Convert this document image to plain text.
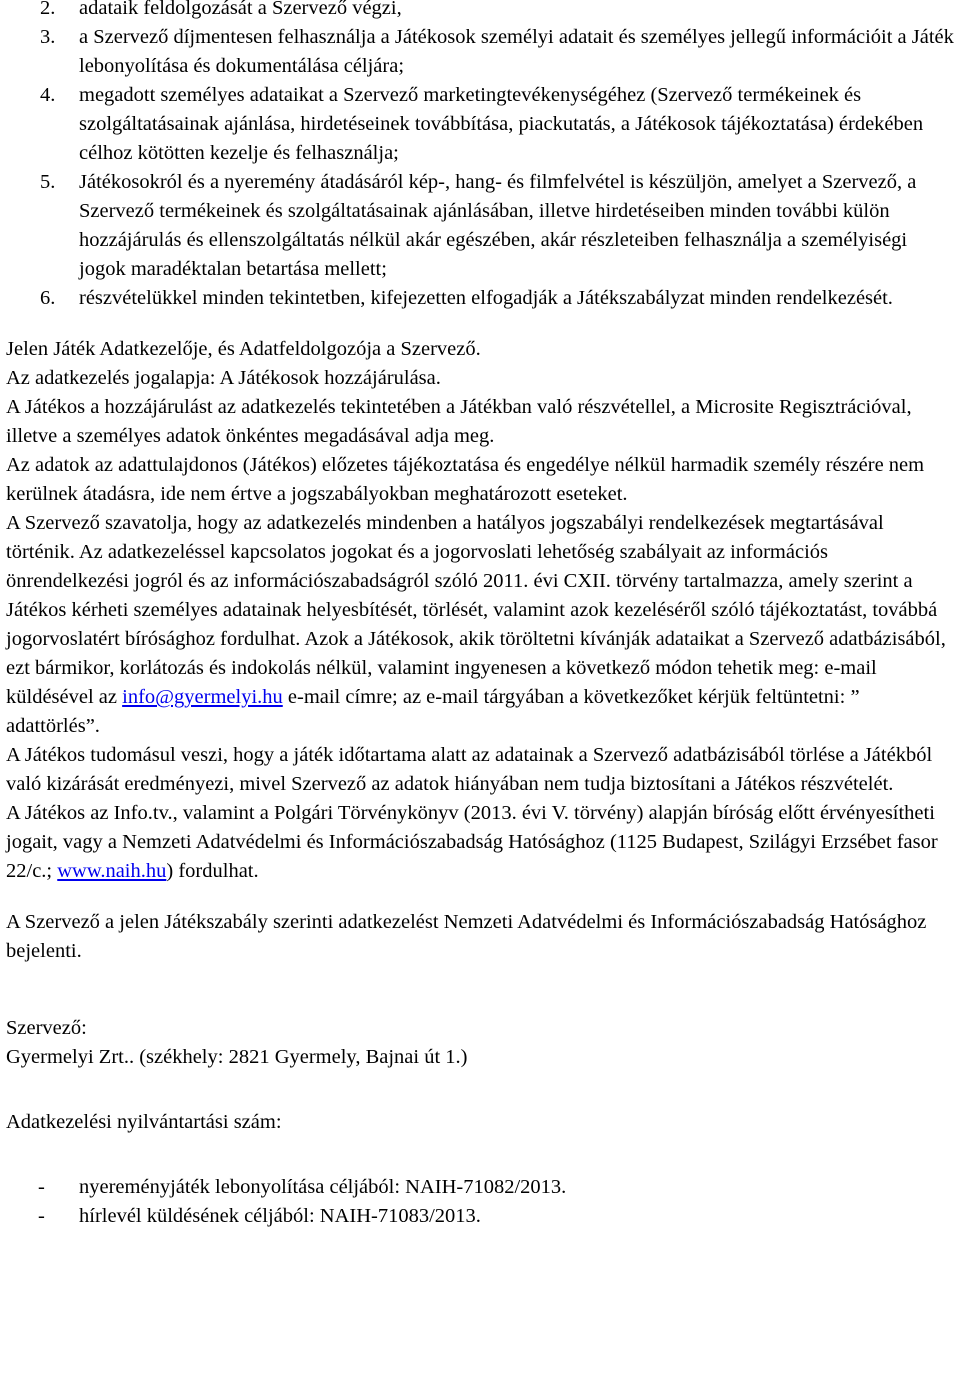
2. adataik feldolgozását a Szervező végzi,
3. a Szervező díjmentesen felhasználja a Játékosok személyi adatait és személyes jellegű információit a Játék lebonyolítása és dokumentálása céljára;
4. megadott személyes adataikat a Szervező marketingtevékenységéhez (Szervező termékeinek és szolgáltatásainak ajánlása, hirdetéseinek továbbítása, piackutatás, a Játékosok tájékoztatása) érdekében célhoz kötötten kezelje és felhasználja;
5. Játékosokról és a nyeremény átadásáról kép-, hang- és filmfelvétel is készüljön, amelyet a Szervező, a Szervező termékeinek és szolgáltatásainak ajánlásában, illetve hirdetéseiben minden további külön hozzájárulás és ellenszolgáltatás nélkül akár egészében, akár részleteiben felhasználja a személyiségi jogok maradéktalan betartása mellett;
6. részvételükkel minden tekintetben, kifejezetten elfogadják a Játékszabályzat minden rendelkezését.

Jelen Játék Adatkezelője, és Adatfeldolgozója a Szervező.

Az adatkezelés jogalapja: A Játékosok hozzájárulása.

A Játékos a hozzájárulást az adatkezelés tekintetében a Játékban való részvétellel, a Microsite Regisztrációval, illetve a személyes adatok önkéntes megadásával adja meg.

Az adatok az adattulajdonos (Játékos) előzetes tájékoztatása és engedélye nélkül harmadik személy részére nem kerülnek átadásra, ide nem értve a jogszabályokban meghatározott eseteket.

A Szervező szavatolja, hogy az adatkezelés mindenben a hatályos jogszabályi rendelkezések megtartásával történik. Az adatkezeléssel kapcsolatos jogokat és a jogorvoslati lehetőség szabályait az információs önrendelkezési jogról és az információszabadságról szóló 2011. évi CXII. törvény tartalmazza, amely szerint a Játékos kérheti személyes adatainak helyesbítését, törlését, valamint azok kezeléséről szóló tájékoztatást, továbbá jogorvoslatért bírósághoz fordulhat. Azok a Játékosok, akik töröltetni kívánják adataikat a Szervező adatbázisából, ezt bármikor, korlátozás és indokolás nélkül, valamint ingyenesen a következő módon tehetik meg: e-mail küldésével az info@gyermelyi.hu e-mail címre; az e-mail tárgyában a következőket kérjük feltüntetni: ” adattörlés”.

A Játékos tudomásul veszi, hogy a játék időtartama alatt az adatainak a Szervező adatbázisából törlése a Játékból való kizárását eredményezi, mivel Szervező az adatok hiányában nem tudja biztosítani a Játékos részvételét.

A Játékos az Info.tv., valamint a Polgári Törvénykönyv (2013. évi V. törvény) alapján bíróság előtt érvényesítheti jogait, vagy a Nemzeti Adatvédelmi és Információszabadság Hatósághoz (1125 Budapest, Szilágyi Erzsébet fasor 22/c.; www.naih.hu) fordulhat.

A Szervező a jelen Játékszabály szerinti adatkezelést Nemzeti Adatvédelmi és Információszabadság Hatósághoz bejelenti.

Szervező:

Gyermelyi Zrt.. (székhely: 2821 Gyermely, Bajnai út 1.)

Adatkezelési nyilvántartási szám:

- nyereményjáték lebonyolítása céljából: NAIH-71082/2013.
- hírlevél küldésének céljából: NAIH-71083/2013.
